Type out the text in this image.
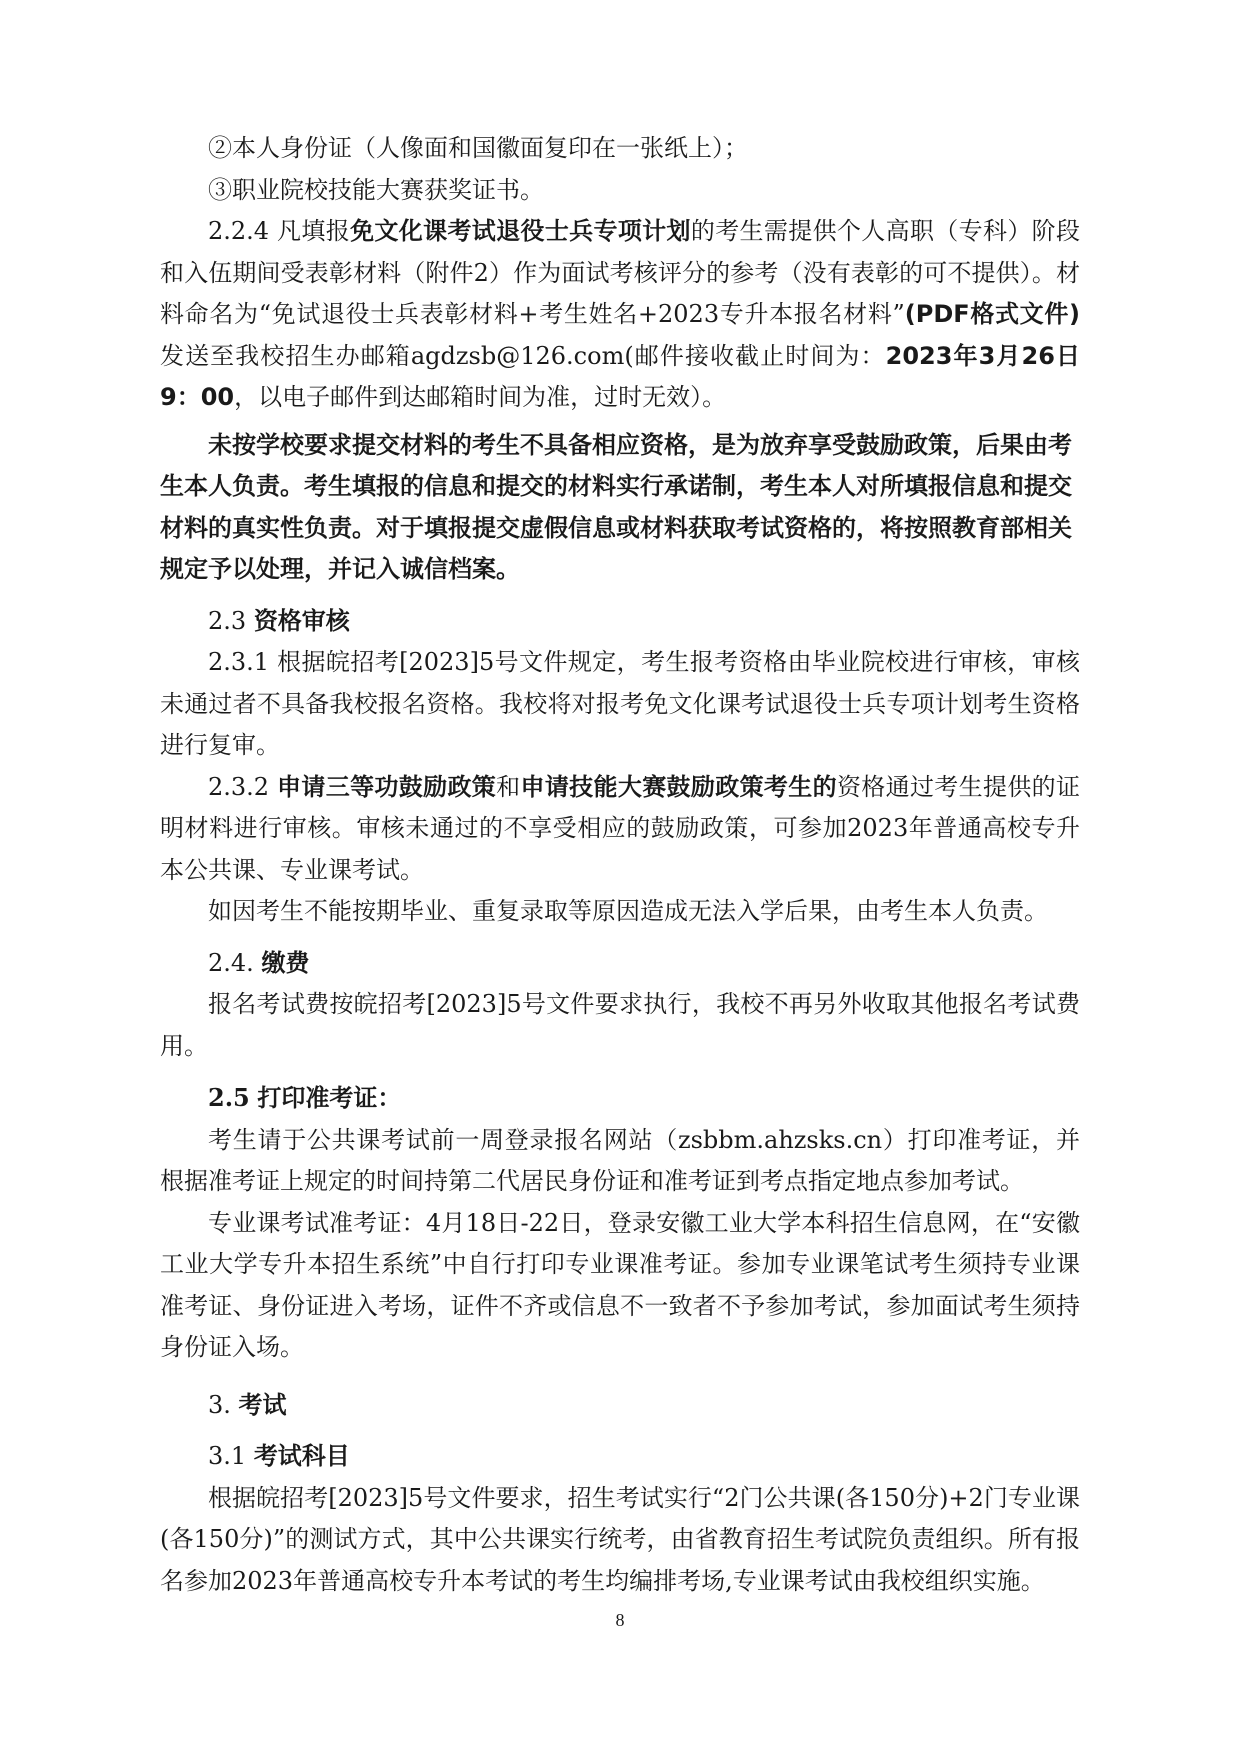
②本人身份证（人像面和国徽面复印在一张纸上）；

③职业院校技能大赛获奖证书。

2.2.4 凡填报免文化课考试退役士兵专项计划的考生需提供个人高职（专科）阶段和入伍期间受表彰材料（附件2）作为面试考核评分的参考（没有表彰的可不提供）。材料命名为“免试退役士兵表彰材料+考生姓名+2023专升本报名材料”(PDF格式文件)发送至我校招生办邮箱agdzsb@126.com(邮件接收截止时间为：2023年3月26日9：00，以电子邮件到达邮箱时间为准，过时无效）。

未按学校要求提交材料的考生不具备相应资格，是为放弃享受鼓励政策，后果由考生本人负责。考生填报的信息和提交的材料实行承诺制，考生本人对所填报信息和提交材料的真实性负责。对于填报提交虚假信息或材料获取考试资格的，将按照教育部相关规定予以处理，并记入诚信档案。

2.3 资格审核

2.3.1 根据皖招考[2023]5号文件规定，考生报考资格由毕业院校进行审核，审核未通过者不具备我校报名资格。我校将对报考免文化课考试退役士兵专项计划考生资格进行复审。

2.3.2 申请三等功鼓励政策和申请技能大赛鼓励政策考生的资格通过考生提供的证明材料进行审核。审核未通过的不享受相应的鼓励政策，可参加2023年普通高校专升本公共课、专业课考试。

如因考生不能按期毕业、重复录取等原因造成无法入学后果，由考生本人负责。

2.4. 缴费

报名考试费按皖招考[2023]5号文件要求执行，我校不再另外收取其他报名考试费用。

2.5 打印准考证：

考生请于公共课考试前一周登录报名网站（zsbbm.ahzsks.cn）打印准考证，并根据准考证上规定的时间持第二代居民身份证和准考证到考点指定地点参加考试。

专业课考试准考证：4月18日-22日，登录安徽工业大学本科招生信息网，在“安徽工业大学专升本招生系统”中自行打印专业课准考证。参加专业课笔试考生须持专业课准考证、身份证进入考场，证件不齐或信息不一致者不予参加考试，参加面试考生须持身份证入场。

3. 考试

3.1 考试科目

根据皖招考[2023]5号文件要求，招生考试实行“2门公共课(各150分)+2门专业课(各150分)”的测试方式，其中公共课实行统考，由省教育招生考试院负责组织。所有报名参加2023年普通高校专升本考试的考生均编排考场,专业课考试由我校组织实施。

8
